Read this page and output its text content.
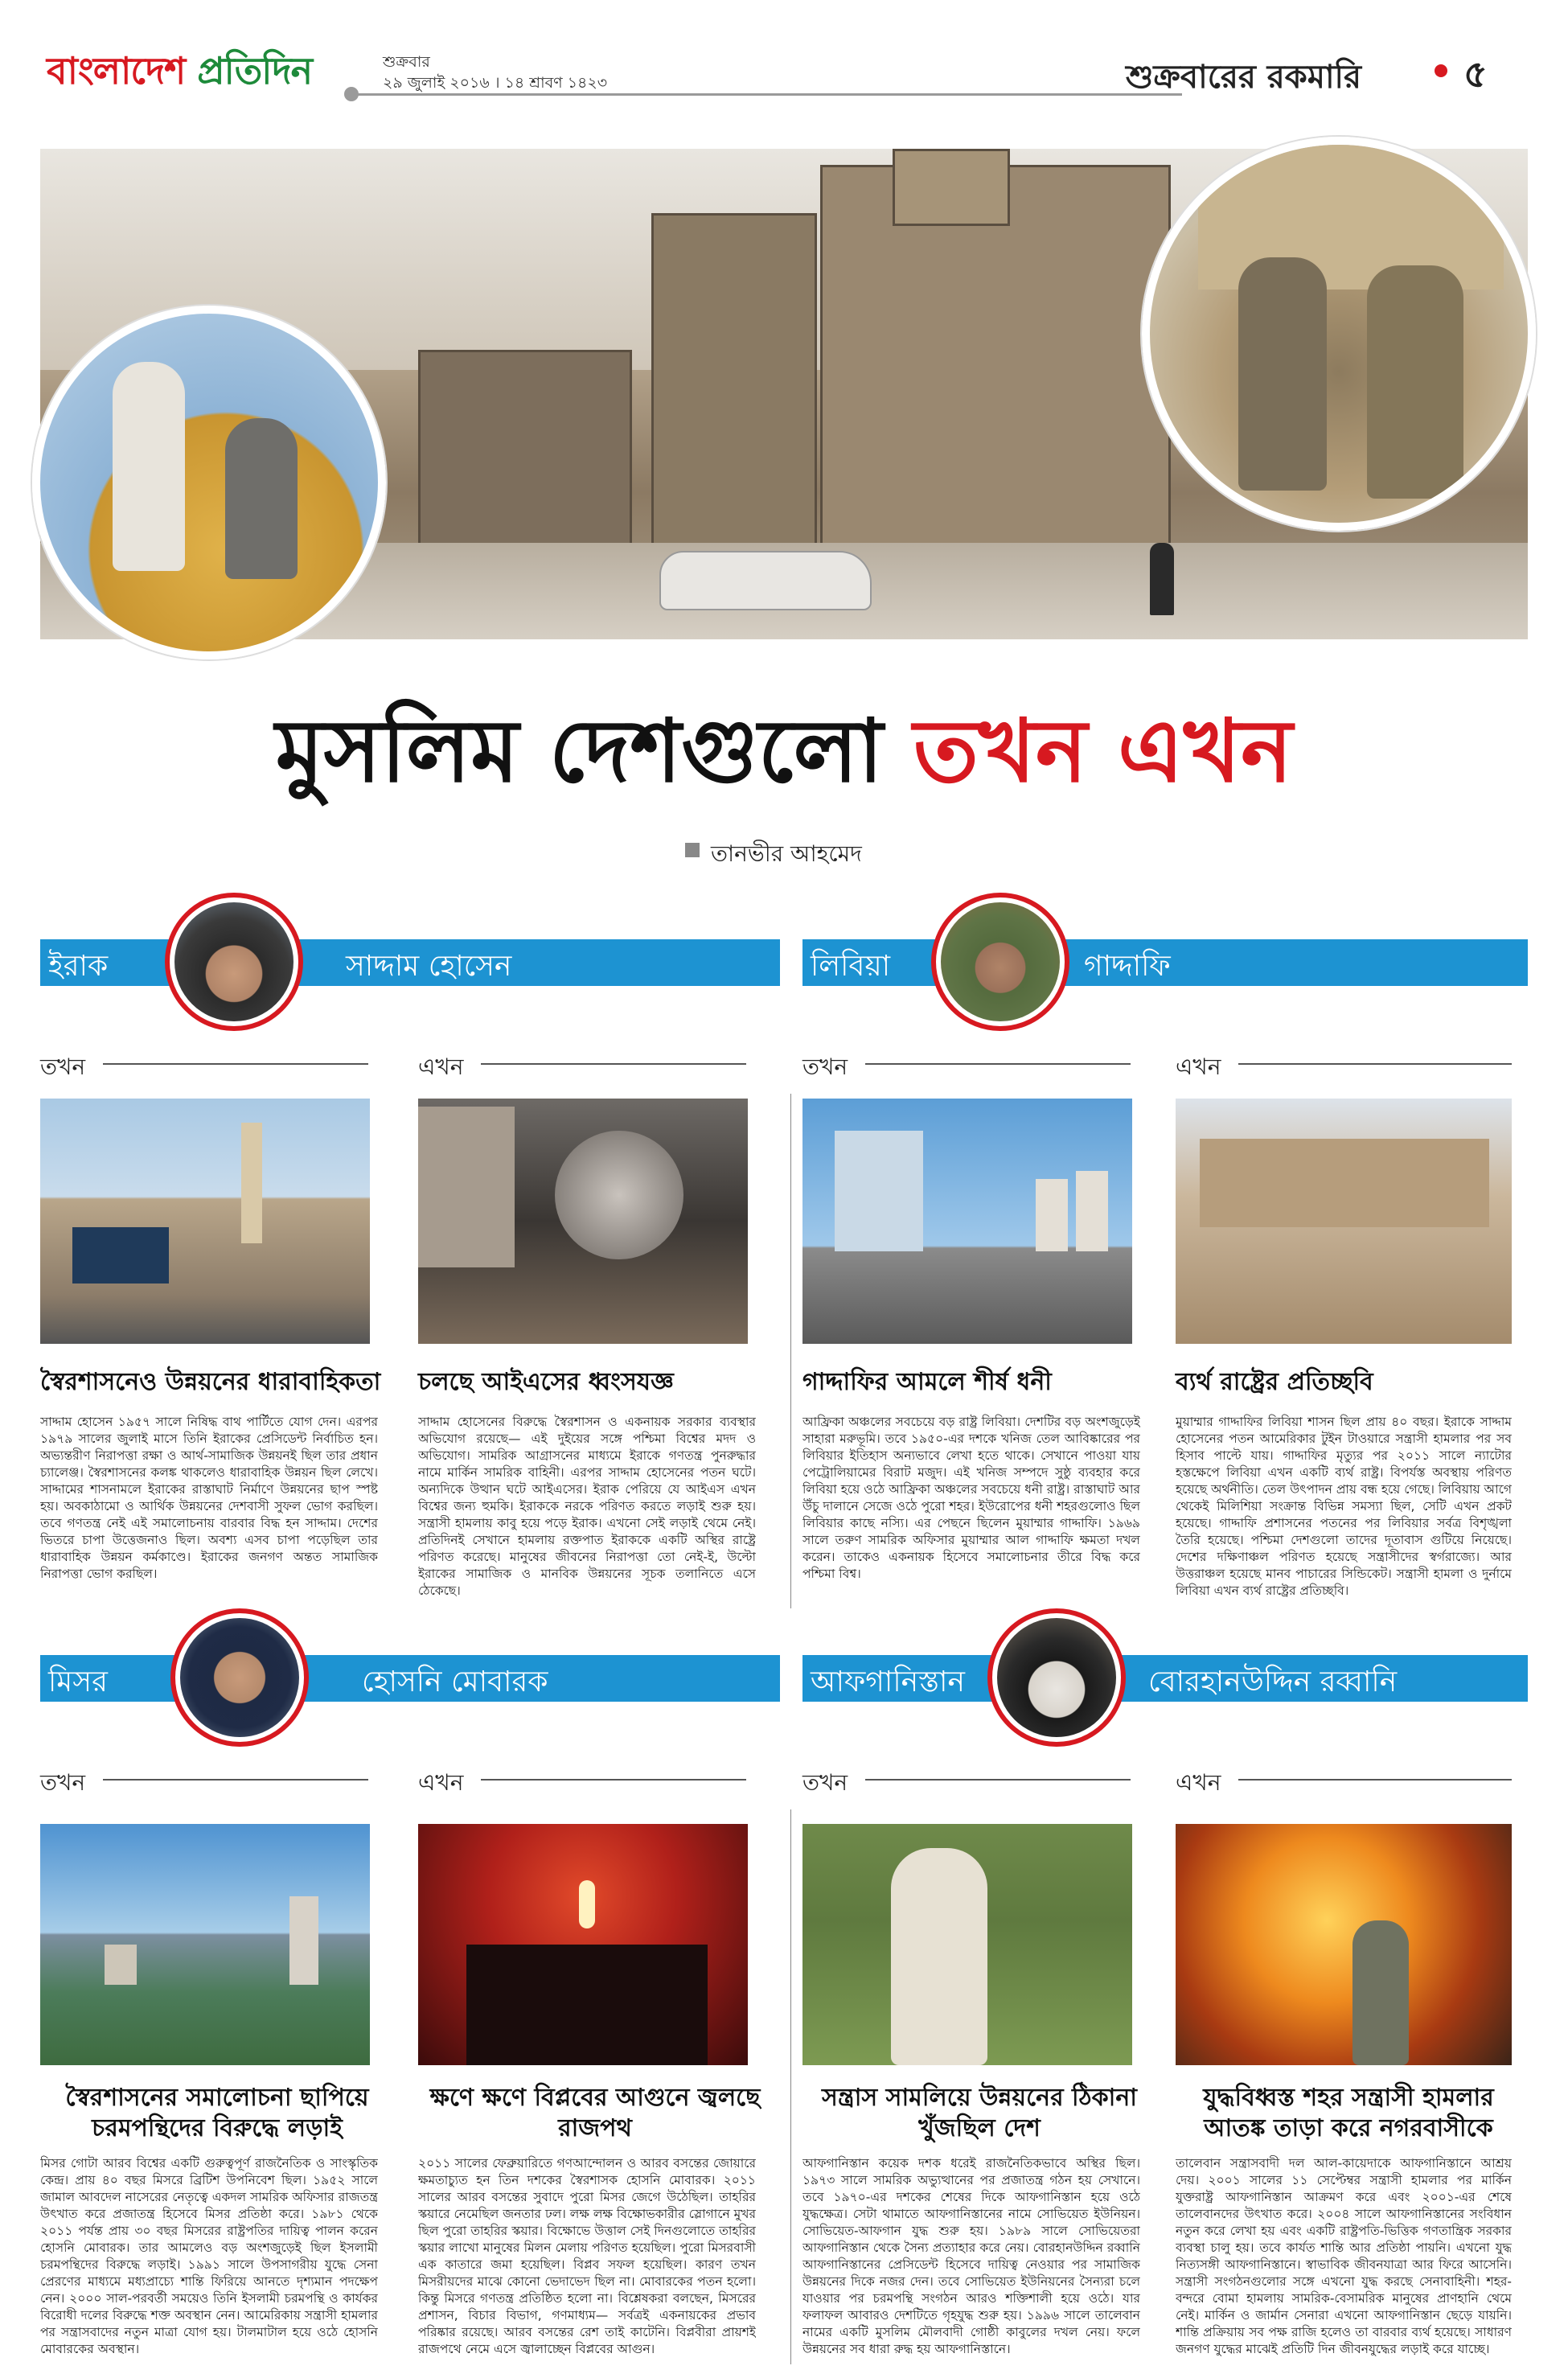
বাংলাদেশ প্রতিদিন	শুক্রবার
২৯ জুলাই ২০১৬ । ১৪ শ্রাবণ ১৪২৩	শুক্রবারের রকমারি	৫
মুসলিম দেশগুলো তখন এখন
তানভীর আহমেদ
ইরাক	সাদ্দাম হোসেন	লিবিয়া	গাদ্দাফি
তখন	এখন	তখন	এখন
স্বৈরশাসনেও উন্নয়নের ধারাবাহিকতা	চলছে আইএসের ধ্বংসযজ্ঞ	গাদ্দাফির আমলে শীর্ষ ধনী	ব্যর্থ রাষ্ট্রের প্রতিচ্ছবি
সাদ্দাম হোসেন ১৯৫৭ সালে নিষিদ্ধ বাথ পার্টিতে যোগ দেন। এরপর ১৯৭৯ সালের জুলাই মাসে তিনি ইরাকের প্রেসিডেন্ট নির্বাচিত হন। অভ্যন্তরীণ নিরাপত্তা রক্ষা ও আর্থ-সামাজিক উন্নয়নই ছিল তার প্রধান চ্যালেঞ্জ। স্বৈরশাসনের কলঙ্ক থাকলেও ধারাবাহিক উন্নয়ন ছিল লেখে। সাদ্দামের শাসনামলে ইরাকের রাস্তাঘাট নির্মাণে উন্নয়নের ছাপ স্পষ্ট হয়। অবকাঠামো ও আর্থিক উন্নয়নের দেশবাসী সুফল ভোগ করছিল। তবে গণতন্ত্র নেই এই সমালোচনায় বারবার বিদ্ধ হন সাদ্দাম। দেশের ভিতরে চাপা উত্তেজনাও ছিল। অবশ্য এসব চাপা পড়েছিল তার ধারাবাহিক উন্নয়ন কর্মকাণ্ডে। ইরাকের জনগণ অন্তত সামাজিক নিরাপত্তা ভোগ করছিল।
সাদ্দাম হোসেনের বিরুদ্ধে স্বৈরশাসন ও একনায়ক সরকার ব্যবস্থার অভিযোগ রয়েছে— এই দুইয়ের সঙ্গে পশ্চিমা বিশ্বের মদদ ও অভিযোগ। সামরিক আগ্রাসনের মাধ্যমে ইরাকে গণতন্ত্র পুনরুদ্ধার নামে মার্কিন সামরিক বাহিনী। এরপর সাদ্দাম হোসেনের পতন ঘটে। অন্যদিকে উত্থান ঘটে আইএসের। ইরাক পেরিয়ে যে আইএস এখন বিশ্বের জন্য হুমকি। ইরাককে নরকে পরিণত করতে লড়াই শুরু হয়। সন্ত্রাসী হামলায় কাবু হয়ে পড়ে ইরাক। এখনো সেই লড়াই থেমে নেই। প্রতিদিনই সেখানে হামলায় রক্তপাত ইরাককে একটি অস্থির রাষ্ট্রে পরিণত করেছে। মানুষের জীবনের নিরাপত্তা তো নেই-ই, উল্টো ইরাকের সামাজিক ও মানবিক উন্নয়নের সূচক তলানিতে এসে ঠেকেছে।
আফ্রিকা অঞ্চলের সবচেয়ে বড় রাষ্ট্র লিবিয়া। দেশটির বড় অংশজুড়েই সাহারা মরুভূমি। তবে ১৯৫০-এর দশকে খনিজ তেল আবিষ্কারের পর লিবিয়ার ইতিহাস অন্যভাবে লেখা হতে থাকে। সেখানে পাওয়া যায় পেট্রোলিয়ামের বিরাট মজুদ। এই খনিজ সম্পদে সুষ্ঠু ব্যবহার করে লিবিয়া হয়ে ওঠে আফ্রিকা অঞ্চলের সবচেয়ে ধনী রাষ্ট্র। রাস্তাঘাট আর উঁচু দালানে সেজে ওঠে পুরো শহর। ইউরোপের ধনী শহরগুলোও ছিল লিবিয়ার কাছে নস্যি। এর পেছনে ছিলেন মুয়াম্মার গাদ্দাফি। ১৯৬৯ সালে তরুণ সামরিক অফিসার মুয়াম্মার আল গাদ্দাফি ক্ষমতা দখল করেন। তাকেও একনায়ক হিসেবে সমালোচনার তীরে বিদ্ধ করে পশ্চিমা বিশ্ব।
মুয়াম্মার গাদ্দাফির লিবিয়া শাসন ছিল প্রায় ৪০ বছর। ইরাকে সাদ্দাম হোসেনের পতন আমেরিকার টুইন টাওয়ারে সন্ত্রাসী হামলার পর সব হিসাব পাল্টে যায়। গাদ্দাফির মৃত্যুর পর ২০১১ সালে ন্যাটোর হস্তক্ষেপে লিবিয়া এখন একটি ব্যর্থ রাষ্ট্র। বিপর্যস্ত অবস্থায় পরিণত হয়েছে অর্থনীতি। তেল উৎপাদন প্রায় বন্ধ হয়ে গেছে। লিবিয়ায় আগে থেকেই মিলিশিয়া সংক্রান্ত বিভিন্ন সমস্যা ছিল, সেটি এখন প্রকট হয়েছে। গাদ্দাফি প্রশাসনের পতনের পর লিবিয়ার সর্বত্র বিশৃঙ্খলা তৈরি হয়েছে। পশ্চিমা দেশগুলো তাদের দূতাবাস গুটিয়ে নিয়েছে। দেশের দক্ষিণাঞ্চল পরিণত হয়েছে সন্ত্রাসীদের স্বর্গরাজ্যে। আর উত্তরাঞ্চল হয়েছে মানব পাচারের সিন্ডিকেট। সন্ত্রাসী হামলা ও দুর্নামে লিবিয়া এখন ব্যর্থ রাষ্ট্রের প্রতিচ্ছবি।
মিসর	হোসনি মোবারক	আফগানিস্তান	বোরহানউদ্দিন রব্বানি
তখন	এখন	তখন	এখন
স্বৈরশাসনের সমালোচনা ছাপিয়ে চরমপন্থিদের বিরুদ্ধে লড়াই
ক্ষণে ক্ষণে বিপ্লবের আগুনে জ্বলছে রাজপথ
সন্ত্রাস সামলিয়ে উন্নয়নের ঠিকানা খুঁজছিল দেশ
যুদ্ধবিধ্বস্ত শহর সন্ত্রাসী হামলার আতঙ্ক তাড়া করে নগরবাসীকে
মিসর গোটা আরব বিশ্বের একটি গুরুত্বপূর্ণ রাজনৈতিক ও সাংস্কৃতিক কেন্দ্র। প্রায় ৪০ বছর মিসরে ব্রিটিশ উপনিবেশ ছিল। ১৯৫২ সালে জামাল আবদেল নাসেরের নেতৃত্বে একদল সামরিক অফিসার রাজতন্ত্র উৎখাত করে প্রজাতন্ত্র হিসেবে মিসর প্রতিষ্ঠা করে। ১৯৮১ থেকে ২০১১ পর্যন্ত প্রায় ৩০ বছর মিসরের রাষ্ট্রপতির দায়িত্ব পালন করেন হোসনি মোবারক। তার আমলেও বড় অংশজুড়েই ছিল ইসলামী চরমপন্থিদের বিরুদ্ধে লড়াই। ১৯৯১ সালে উপসাগরীয় যুদ্ধে সেনা প্রেরণের মাধ্যমে মধ্যপ্রাচ্যে শান্তি ফিরিয়ে আনতে দৃশ্যমান পদক্ষেপ নেন। ২০০০ সাল-পরবর্তী সময়েও তিনি ইসলামী চরমপন্থি ও কার্যকর বিরোধী দলের বিরুদ্ধে শক্ত অবস্থান নেন। আমেরিকায় সন্ত্রাসী হামলার পর সন্ত্রাসবাদের নতুন মাত্রা যোগ হয়। টালমাটাল হয়ে ওঠে হোসনি মোবারকের অবস্থান।
২০১১ সালের ফেব্রুয়ারিতে গণআন্দোলন ও আরব বসন্তের জোয়ারে ক্ষমতাচ্যুত হন তিন দশকের স্বৈরশাসক হোসনি মোবারক। ২০১১ সালের আরব বসন্তের সুবাদে পুরো মিসর জেগে উঠেছিল। তাহরির স্কয়ারে নেমেছিল জনতার ঢল। লক্ষ লক্ষ বিক্ষোভকারীর স্লোগানে মুখর ছিল পুরো তাহরির স্কয়ার। বিক্ষোভে উত্তাল সেই দিনগুলোতে তাহরির স্কয়ার লাখো মানুষের মিলন মেলায় পরিণত হয়েছিল। পুরো মিসরবাসী এক কাতারে জমা হয়েছিল। বিপ্লব সফল হয়েছিল। কারণ তখন মিসরীয়দের মাঝে কোনো ভেদাভেদ ছিল না। মোবারকের পতন হলো। কিন্তু মিসরে গণতন্ত্র প্রতিষ্ঠিত হলো না। বিশ্লেষকরা বলছেন, মিসরের প্রশাসন, বিচার বিভাগ, গণমাধ্যম— সর্বত্রই একনায়কের প্রভাব পরিষ্কার রয়েছে। আরব বসন্তের রেশ তাই কাটেনি। বিপ্লবীরা প্রায়শই রাজপথে নেমে এসে জ্বালাচ্ছেন বিপ্লবের আগুন।
আফগানিস্তান কয়েক দশক ধরেই রাজনৈতিকভাবে অস্থির ছিল। ১৯৭৩ সালে সামরিক অভ্যুত্থানের পর প্রজাতন্ত্র গঠন হয় সেখানে। তবে ১৯৭০-এর দশকের শেষের দিকে আফগানিস্তান হয়ে ওঠে যুদ্ধক্ষেত্র। সেটা থামাতে আফগানিস্তানের নামে সোভিয়েত ইউনিয়ন। সোভিয়েত-আফগান যুদ্ধ শুরু হয়। ১৯৮৯ সালে সোভিয়েতরা আফগানিস্তান থেকে সৈন্য প্রত্যাহার করে নেয়। বোরহানউদ্দিন রব্বানি আফগানিস্তানের প্রেসিডেন্ট হিসেবে দায়িত্ব নেওয়ার পর সামাজিক উন্নয়নের দিকে নজর দেন। তবে সোভিয়েত ইউনিয়নের সৈন্যরা চলে যাওয়ার পর চরমপন্থি সংগঠন আরও শক্তিশালী হয়ে ওঠে। যার ফলাফল আবারও দেশটিতে গৃহযুদ্ধ শুরু হয়। ১৯৯৬ সালে তালেবান নামের একটি মুসলিম মৌলবাদী গোষ্ঠী কাবুলের দখল নেয়। ফলে উন্নয়নের সব ধারা রুদ্ধ হয় আফগানিস্তানে।
তালেবান সন্ত্রাসবাদী দল আল-কায়েদাকে আফগানিস্তানে আশ্রয় দেয়। ২০০১ সালের ১১ সেপ্টেম্বর সন্ত্রাসী হামলার পর মার্কিন যুক্তরাষ্ট্র আফগানিস্তান আক্রমণ করে এবং ২০০১-এর শেষে তালেবানদের উৎখাত করে। ২০০৪ সালে আফগানিস্তানের সংবিধান নতুন করে লেখা হয় এবং একটি রাষ্ট্রপতি-ভিত্তিক গণতান্ত্রিক সরকার ব্যবস্থা চালু হয়। তবে কার্যত শান্তি আর প্রতিষ্ঠা পায়নি। এখনো যুদ্ধ নিত্যসঙ্গী আফগানিস্তানে। স্বাভাবিক জীবনযাত্রা আর ফিরে আসেনি। সন্ত্রাসী সংগঠনগুলোর সঙ্গে এখনো যুদ্ধ করছে সেনাবাহিনী। শহর-বন্দরে বোমা হামলায় সামরিক-বেসামরিক মানুষের প্রাণহানি থেমে নেই। মার্কিন ও জার্মান সেনারা এখনো আফগানিস্তান ছেড়ে যায়নি। শান্তি প্রক্রিয়ায় সব পক্ষ রাজি হলেও তা বারবার ব্যর্থ হয়েছে। সাধারণ জনগণ যুদ্ধের মাঝেই প্রতিটি দিন জীবনযুদ্ধের লড়াই করে যাচ্ছে।
